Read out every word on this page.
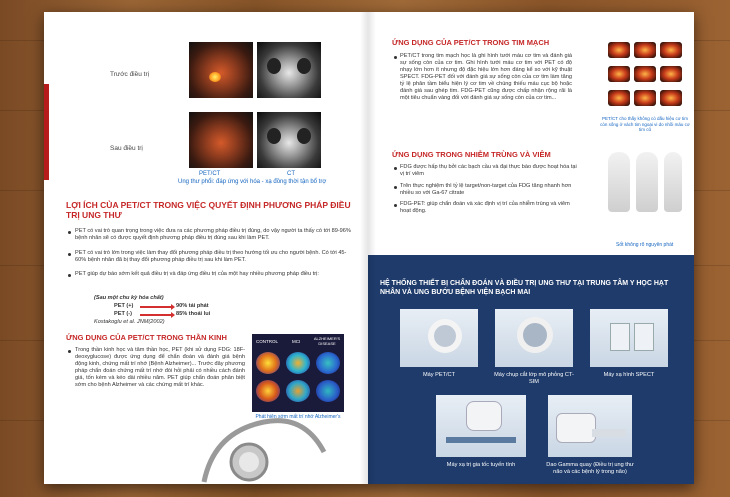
Trước điều trị
Sau điều trị
PET/CT	CT
Ung thư phổi: đáp ứng với hóa - xạ đồng thời tận bổ trợ
LỢI ÍCH CỦA PET/CT TRONG VIỆC QUYẾT ĐỊNH PHƯƠNG PHÁP ĐIỀU TRỊ UNG THƯ
PET có vai trò quan trọng trong việc đưa ra các phương pháp điều trị đúng, do vậy người ta thấy có tới 89-96% bệnh nhân sẽ có được quyết định phương pháp điều trị đúng sau khi làm PET.
PET có vai trò lớn trong việc làm thay đổi phương pháp điều trị theo hướng tối ưu cho người bệnh. Có tới 45-60% bệnh nhân đã bị thay đổi phương pháp điều trị sau khi làm PET.
PET giúp dự báo sớm kết quả điều trị và đáp ứng điều trị của một hay nhiều phương pháp điều trị:
(Sau một chu kỳ hóa chất)
PET (+)	90% tái phát
PET (-)	85% thoái lui
Kostakoglu et al. JNM(2002)
ỨNG DỤNG CỦA PET/CT TRONG THẦN KINH
Trong thần kinh học và tâm thần học, PET (khi sử dụng FDG: 18F-deoxyglucose) được ứng dụng để chẩn đoán và đánh giá bệnh động kinh, chứng mất trí nhớ (Bệnh Alzheimer)... Trước đây phương pháp chẩn đoán chứng mất trí nhớ đòi hỏi phải có nhiều cách đánh giá, tốn kém và kéo dài nhiều năm. PET giúp chẩn đoán phân biệt sớm cho bệnh Alzheimer và các chứng mất trí khác.
CONTROL	MCI
ALZHEIMER'S DISEASE
Phát hiện sớm mất trí nhớ Alzheimer's
ỨNG DỤNG CỦA PET/CT TRONG TIM MẠCH
PET/CT trong tim mạch học là ghi hình tưới máu cơ tim và đánh giá sự sống còn của cơ tim. Ghi hình tưới máu cơ tim với PET có độ nhạy lớn hơn ít nhưng độ đặc hiệu lớn hơn đáng kể so với kỹ thuật SPECT. FDG-PET đối với đánh giá sự sống còn của cơ tim làm tăng tỷ lệ phân tầm biểu hiện lý cơ tim về chúng thiếu máu cục bộ hoặc đánh giá sau ghép tim. FDG-PET cũng được chấp nhận rộng rãi là một tiêu chuẩn vàng đối với đánh giá sự sống còn của cơ tim...
PET/CT cho thấy không có dấu hiệu cơ tim còn sống ở vách tim ngoại vi do nhồi máu cơ tim cũ
ỨNG DỤNG TRONG NHIỄM TRÙNG VÀ VIÊM
FDG được hấp thụ bởi các bạch cầu và đại thực bào được hoạt hóa tại vị trí viêm
Trên thực nghiệm thì tỷ lệ target/non-target của FDG tăng nhanh hơn nhiều so với Ga-67 citrate
FDG-PET: giúp chẩn đoán và xác định vị trí của nhiễm trùng và viêm hoạt động.
Sốt không rõ nguyên phát
HỆ THỐNG THIẾT BỊ CHẨN ĐOÁN VÀ ĐIỀU TRỊ UNG THƯ TẠI TRUNG TÂM Y HỌC HẠT NHÂN VÀ UNG BƯỚU BỆNH VIỆN BẠCH MAI
Máy PET/CT	Máy chụp cắt lớp mô phỏng CT-SIM
Máy xạ hình SPECT
Máy xạ trị gia tốc tuyến tính	Dao Gamma quay (Điều trị ung thư não và các bệnh lý trong não)
